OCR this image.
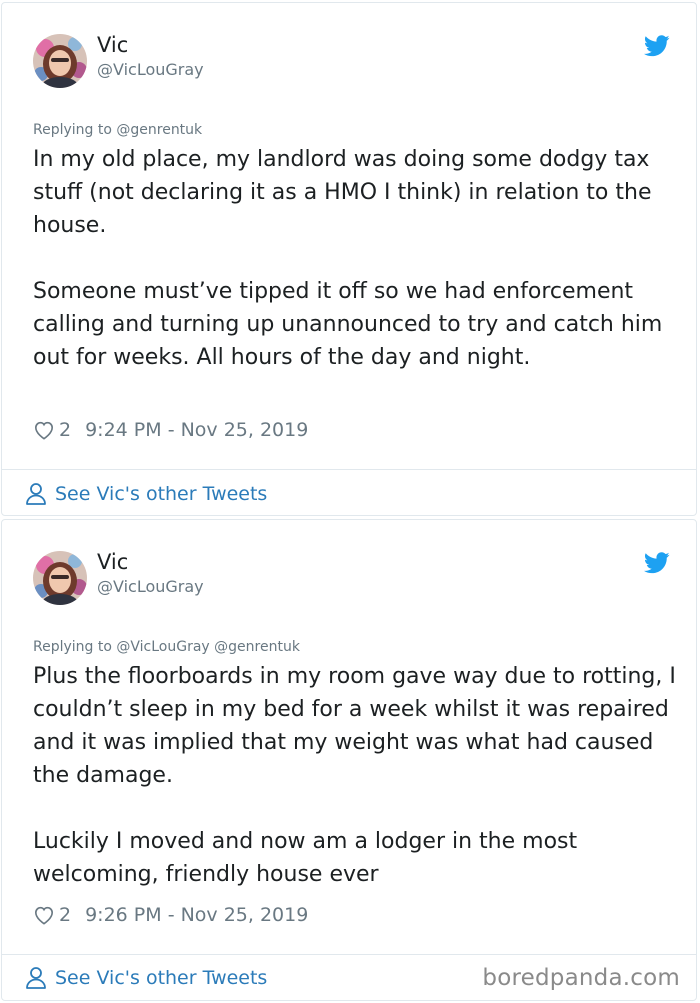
Vic
@VicLouGray
Replying to @genrentuk

In my old place, my landlord was doing some dodgy tax stuff (not declaring it as a HMO I think) in relation to the house.

Someone must’ve tipped it off so we had enforcement calling and turning up unannounced to try and catch him out for weeks. All hours of the day and night.

2 9:24 PM - Nov 25, 2019
See Vic's other Tweets
Vic
@VicLouGray
Replying to @VicLouGray @genrentuk

Plus the floorboards in my room gave way due to rotting, I couldn’t sleep in my bed for a week whilst it was repaired and it was implied that my weight was what had caused the damage.

Luckily I moved and now am a lodger in the most welcoming, friendly house ever

2 9:26 PM - Nov 25, 2019
See Vic's other Tweets	boredpanda.com
